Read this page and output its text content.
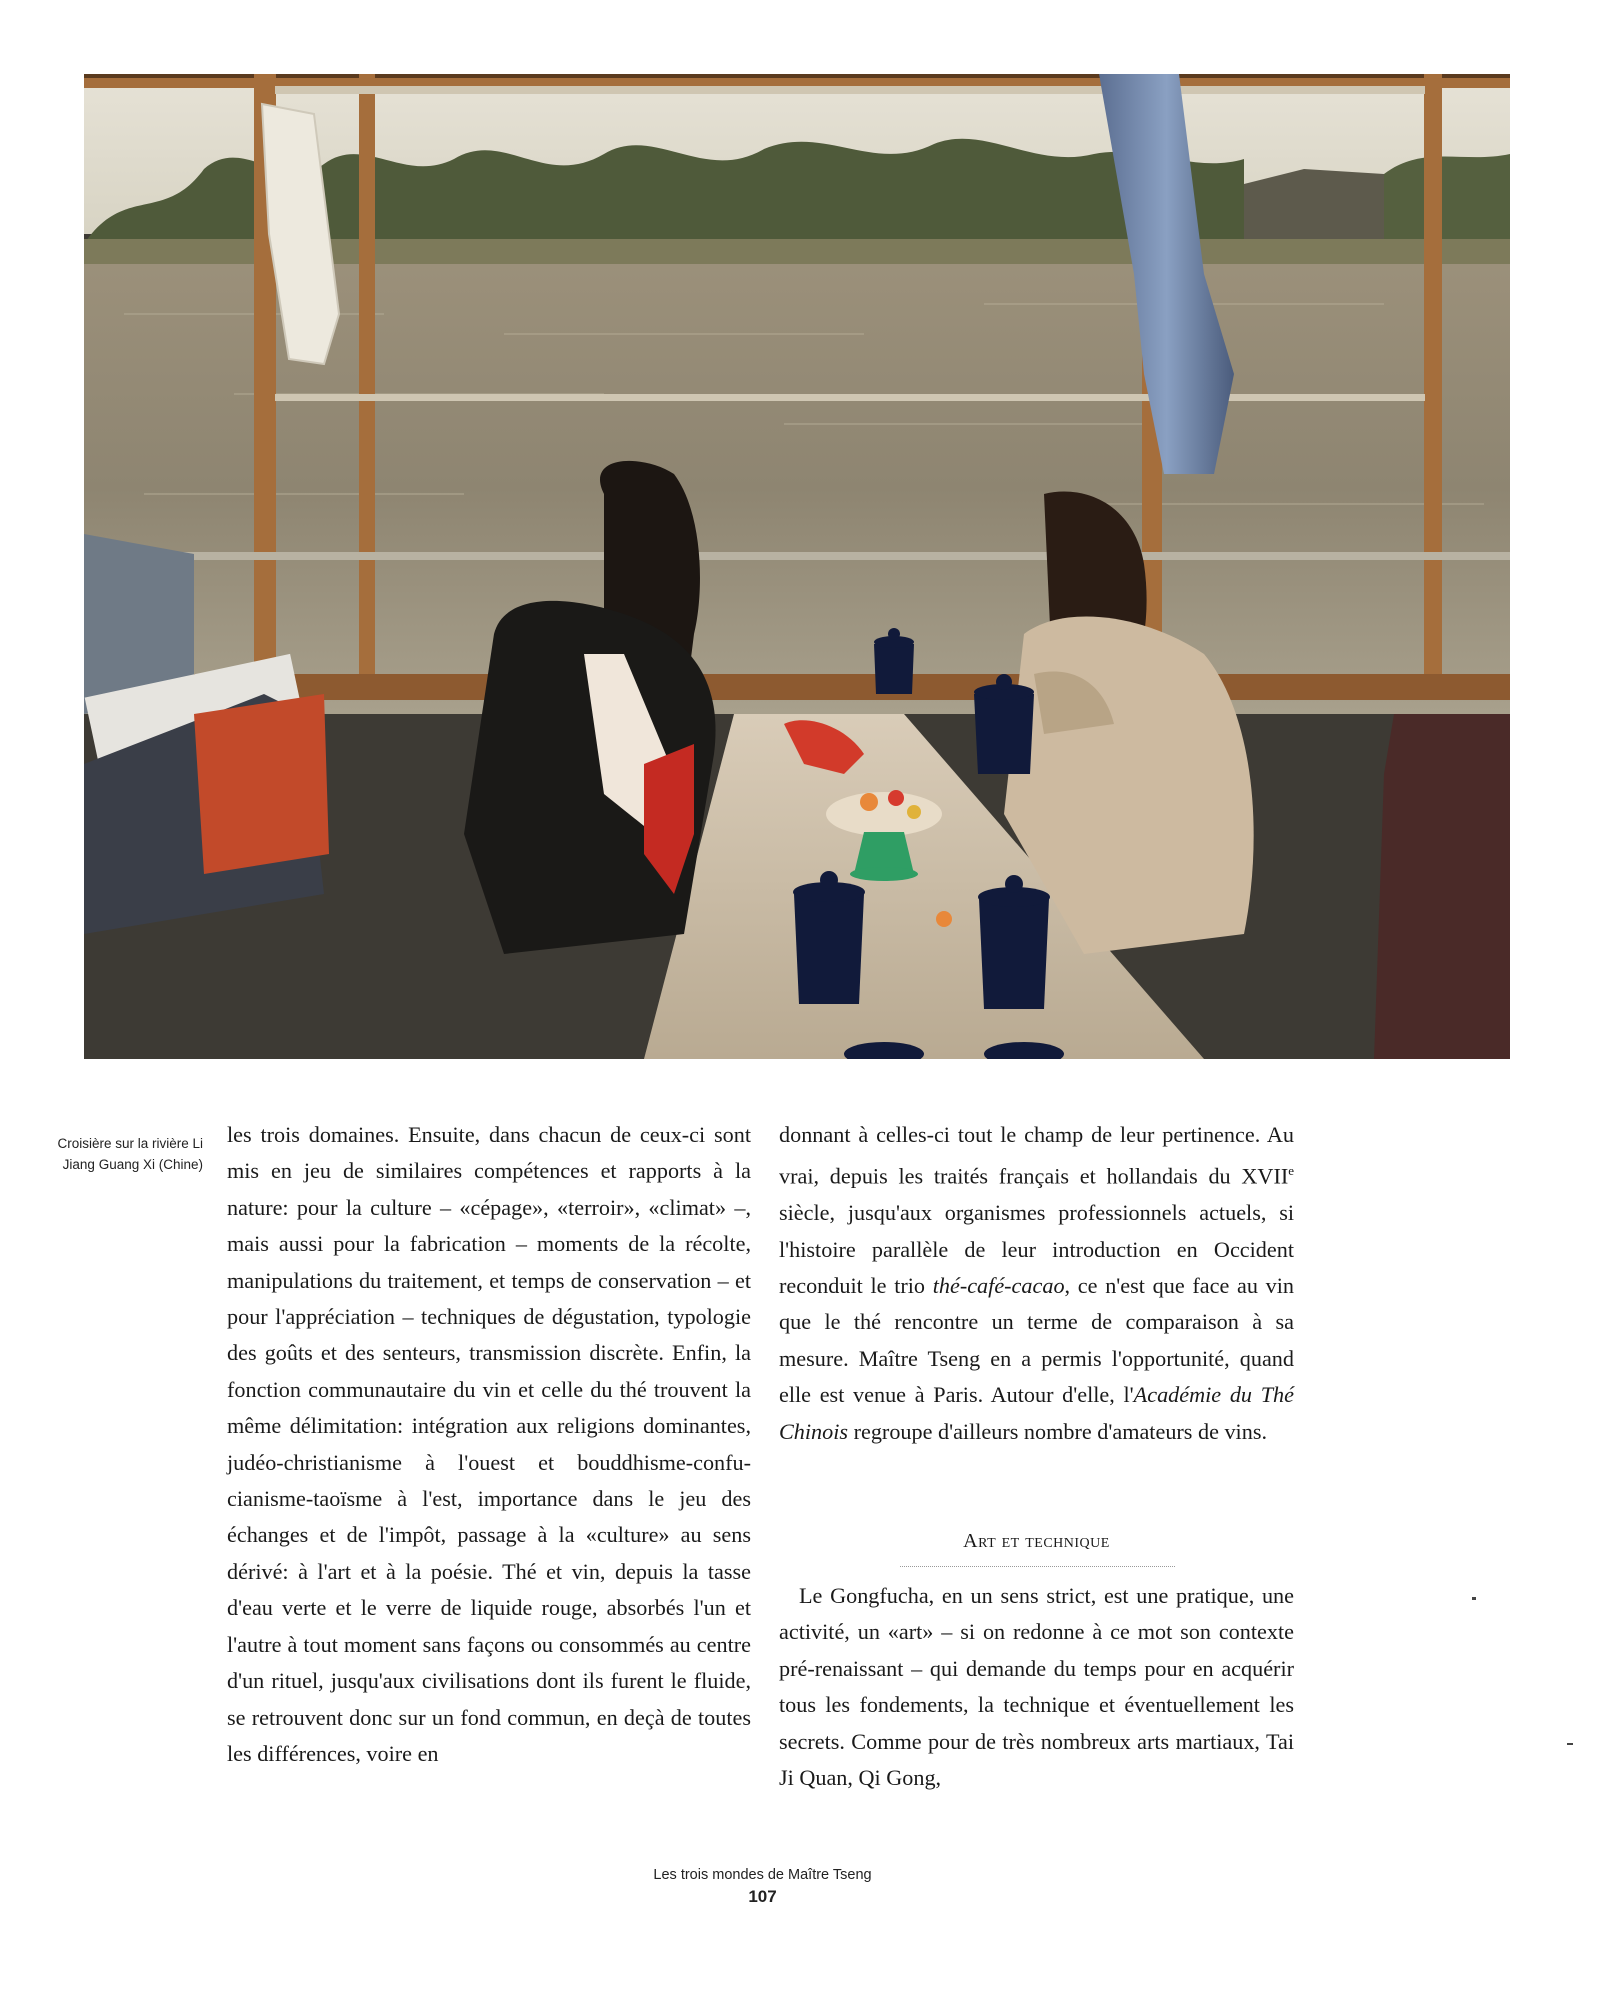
Croisière sur la rivière Li Jiang Guang Xi (Chine)

les trois domaines. Ensuite, dans chacun de ceux-ci sont mis en jeu de similaires compétences et rapports à la nature: pour la culture – «cépage», «terroir», «climat» –, mais aussi pour la fabrication – moments de la récolte, manipulations du traitement, et temps de conservation – et pour l'appréciation – techniques de dégustation, typologie des goûts et des senteurs, transmission discrète. Enfin, la fonction communautaire du vin et celle du thé trouvent la même délimitation: intégration aux religions dominantes, judéo-christianisme à l'ouest et bouddhisme-confucianisme-taoïsme à l'est, importance dans le jeu des échanges et de l'impôt, passage à la «culture» au sens dérivé: à l'art et à la poésie. Thé et vin, depuis la tasse d'eau verte et le verre de liquide rouge, absorbés l'un et l'autre à tout moment sans façons ou consommés au centre d'un rituel, jusqu'aux civilisations dont ils furent le fluide, se retrouvent donc sur un fond commun, en deçà de toutes les différences, voire en

donnant à celles-ci tout le champ de leur pertinence. Au vrai, depuis les traités français et hollandais du XVIIe siècle, jusqu'aux organismes professionnels actuels, si l'histoire parallèle de leur introduction en Occident reconduit le trio thé-café-cacao, ce n'est que face au vin que le thé rencontre un terme de comparaison à sa mesure. Maître Tseng en a permis l'opportunité, quand elle est venue à Paris. Autour d'elle, l'Académie du Thé Chinois regroupe d'ailleurs nombre d'amateurs de vins.

Art et technique

Le Gongfucha, en un sens strict, est une pratique, une activité, un «art» – si on redonne à ce mot son contexte pré-renaissant – qui demande du temps pour en acquérir tous les fondements, la technique et éventuellement les secrets. Comme pour de très nombreux arts martiaux, Tai Ji Quan, Qi Gong,

Les trois mondes de Maître Tseng
107
